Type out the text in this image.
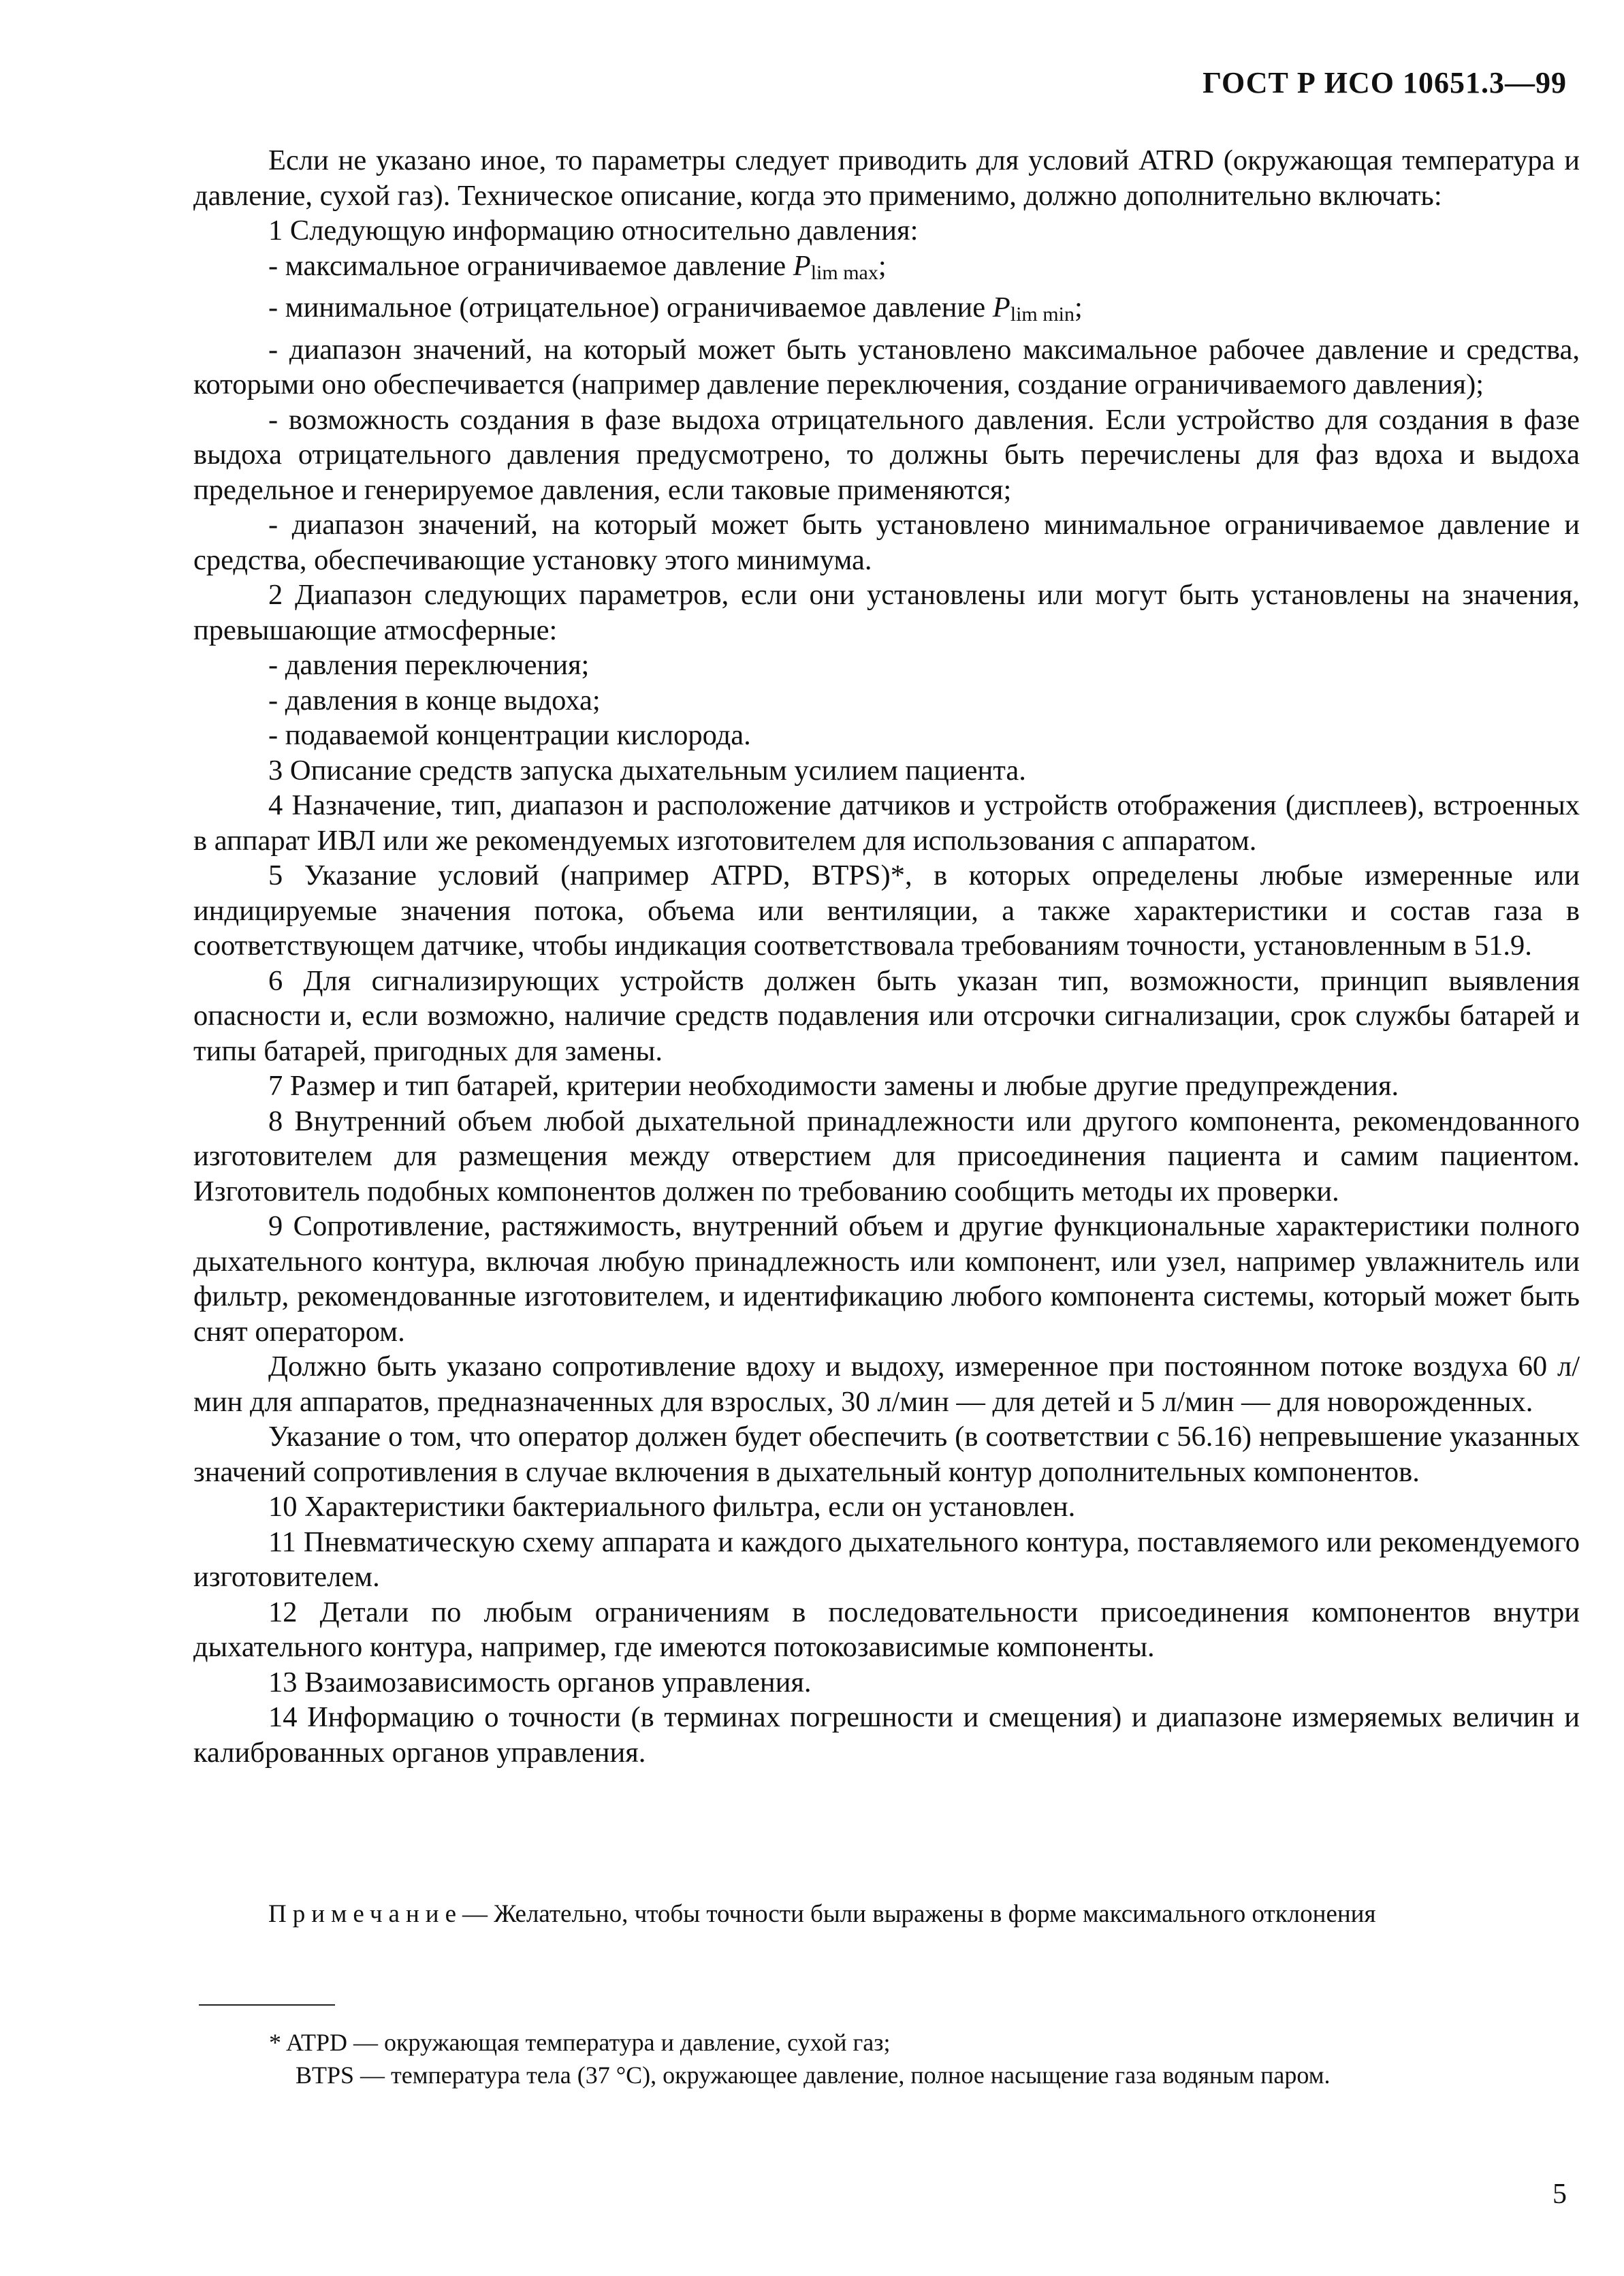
ГОСТ Р ИСО 10651.3—99

Если не указано иное, то параметры следует приводить для условий ATRD (окружающая температура и давление, сухой газ). Техническое описание, когда это применимо, должно дополнительно включать:

1 Следующую информацию относительно давления:

- максимальное ограничиваемое давление $P_{lim max}$;

- минимальное (отрицательное) ограничиваемое давление $P_{lim min}$;

- диапазон значений, на который может быть установлено максимальное рабочее давление и средства, которыми оно обеспечивается (например давление переключения, создание ограничиваемого давления);

- возможность создания в фазе выдоха отрицательного давления. Если устройство для создания в фазе выдоха отрицательного давления предусмотрено, то должны быть перечислены для фаз вдоха и выдоха предельное и генерируемое давления, если таковые применяются;

- диапазон значений, на который может быть установлено минимальное ограничиваемое давление и средства, обеспечивающие установку этого минимума.

2 Диапазон следующих параметров, если они установлены или могут быть установлены на значения, превышающие атмосферные:

- давления переключения;

- давления в конце выдоха;

- подаваемой концентрации кислорода.

3 Описание средств запуска дыхательным усилием пациента.

4 Назначение, тип, диапазон и расположение датчиков и устройств отображения (дисплеев), встроенных в аппарат ИВЛ или же рекомендуемых изготовителем для использования с аппаратом.

5 Указание условий (например ATPD, BTPS)*, в которых определены любые измеренные или индицируемые значения потока, объема или вентиляции, а также характеристики и состав газа в соответствующем датчике, чтобы индикация соответствовала требованиям точности, установленным в 51.9.

6 Для сигнализирующих устройств должен быть указан тип, возможности, принцип выявления опасности и, если возможно, наличие средств подавления или отсрочки сигнализации, срок службы батарей и типы батарей, пригодных для замены.

7 Размер и тип батарей, критерии необходимости замены и любые другие предупреждения.

8 Внутренний объем любой дыхательной принадлежности или другого компонента, рекомендованного изготовителем для размещения между отверстием для присоединения пациента и самим пациентом. Изготовитель подобных компонентов должен по требованию сообщить методы их проверки.

9 Сопротивление, растяжимость, внутренний объем и другие функциональные характеристики полного дыхательного контура, включая любую принадлежность или компонент, или узел, например увлажнитель или фильтр, рекомендованные изготовителем, и идентификацию любого компонента системы, который может быть снят оператором.

Должно быть указано сопротивление вдоху и выдоху, измеренное при постоянном потоке воздуха 60 л/мин для аппаратов, предназначенных для взрослых, 30 л/мин — для детей и 5 л/мин — для новорожденных.

Указание о том, что оператор должен будет обеспечить (в соответствии с 56.16) непревышение указанных значений сопротивления в случае включения в дыхательный контур дополнительных компонентов.

10 Характеристики бактериального фильтра, если он установлен.

11 Пневматическую схему аппарата и каждого дыхательного контура, поставляемого или рекомендуемого изготовителем.

12 Детали по любым ограничениям в последовательности присоединения компонентов внутри дыхательного контура, например, где имеются потокозависимые компоненты.

13 Взаимозависимость органов управления.

14 Информацию о точности (в терминах погрешности и смещения) и диапазоне измеряемых величин и калиброванных органов управления.

Примечание— Желательно, чтобы точности были выражены в форме максимального отклонения
* ATPD — окружающая температура и давление, сухой газ;
BTPS — температура тела (37 °С), окружающее давление, полное насыщение газа водяным паром.
5
